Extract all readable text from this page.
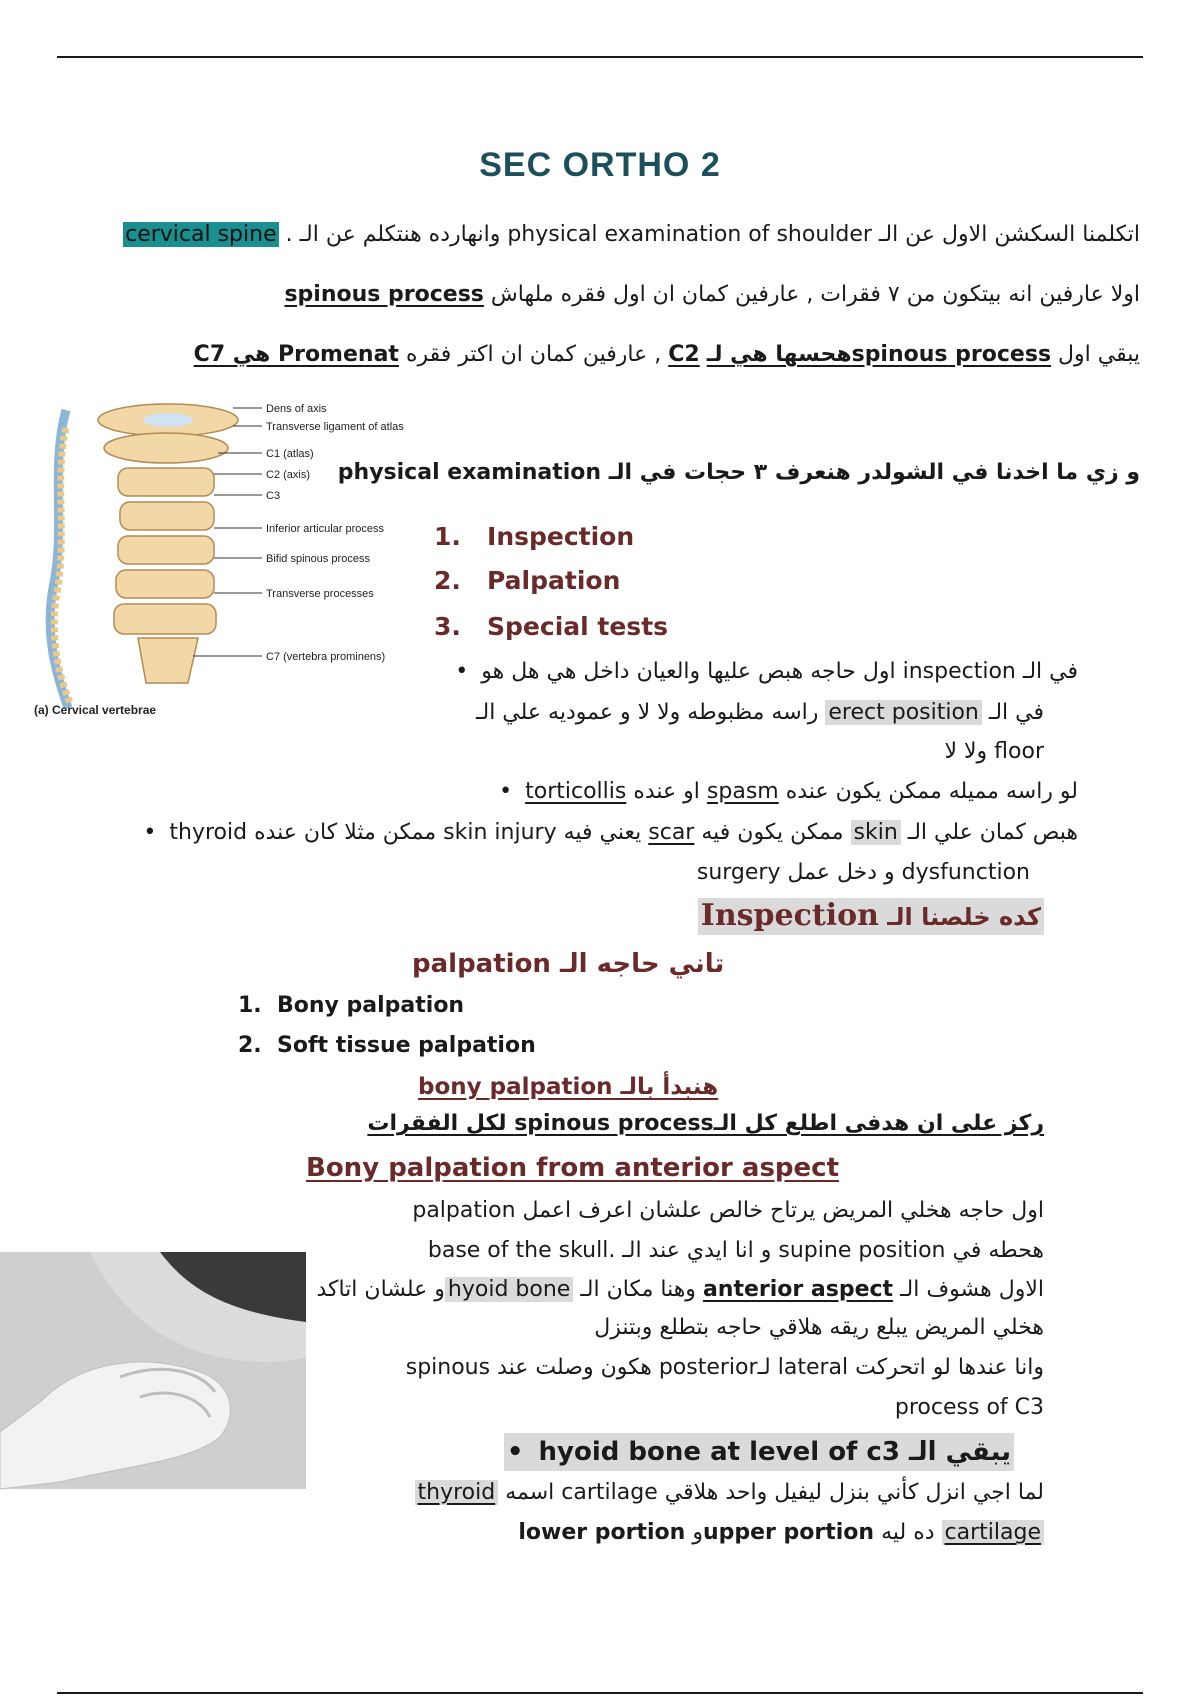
SEC ORTHO 2
اتكلمنا السكشن الاول عن الـ physical examination of shoulder وانهارده هنتكلم عن الـ . cervical spine
اولا عارفين انه بيتكون من ٧ فقرات , عارفين كمان ان اول فقره ملهاش spinous process
يبقي اول spinous processهحسها هي لـ C2 , عارفين كمان ان اكتر فقره Promenat هي C7
Dens of axis
Transverse ligament of atlas
C1 (atlas)
C2 (axis)
C3
Inferior articular process
Bifid spinous process
Transverse processes
C7 (vertebra prominens)
(a) Cervical vertebrae
و زي ما اخدنا في الشولدر هنعرف ٣ حجات في الـ physical examination
1.   Inspection
2.   Palpation
3.   Special tests
في الـ inspection اول حاجه هبص عليها والعيان داخل هي هل هو •
في الـ erect position راسه مظبوطه ولا لا و عموديه علي الـ
floor ولا لا
لو راسه مميله ممكن يكون عنده spasm او عنده torticollis •
هبص كمان علي الـ skin ممكن يكون فيه scar يعني فيه skin injury ممكن مثلا كان عنده thyroid •
dysfunction و دخل عمل surgery
كده خلصنا الـ Inspection
تاني حاجه الـ palpation
1.  Bony palpation
2.  Soft tissue palpation
هنبدأ بالـ bony palpation
ركز على ان هدفى اطلع كل الـspinous process لكل الفقرات
Bony palpation from anterior aspect
اول حاجه هخلي المريض يرتاح خالص علشان اعرف اعمل palpation
هحطه في supine position و انا ايدي عند الـ .base of the skull
الاول هشوف الـ anterior aspect وهنا مكان الـ hyoid boneو علشان اتاكد
هخلي المريض يبلع ريقه هلاقي حاجه بتطلع وبتنزل
وانا عندها لو اتحركت lateral لـposterior هكون وصلت عند spinous
process of C3
يبقي الـ hyoid bone at level of c3 •
لما اجي انزل كأني بنزل ليفيل واحد هلاقي cartilage اسمه thyroid
cartilage ده ليه upper portionو lower portion
